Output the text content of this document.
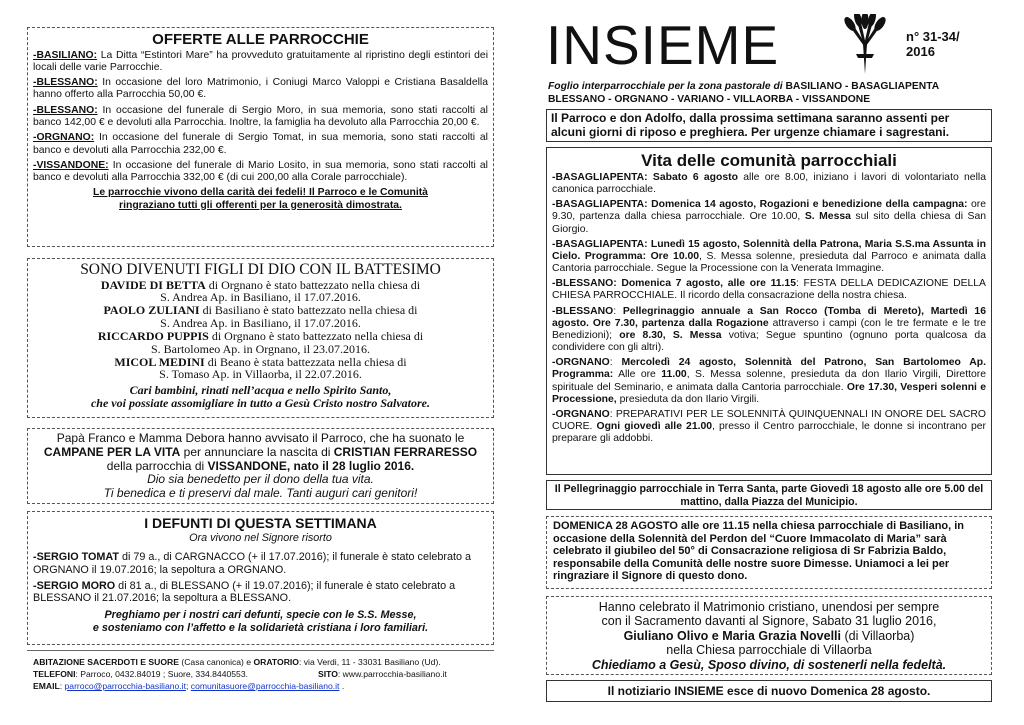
OFFERTE ALLE PARROCCHIE

-BASILIANO: La Ditta “Estintori Mare” ha provveduto gratuitamente al ripristino degli estintori dei locali delle varie Parrocchie.

-BLESSANO: In occasione del loro Matrimonio, i Coniugi Marco Valoppi e Cristiana Basaldella hanno offerto alla Parrocchia 50,00 €.

-BLESSANO: In occasione del funerale di Sergio Moro, in sua memoria, sono stati raccolti al banco 142,00 € e devoluti alla Parrocchia. Inoltre, la famiglia ha devoluto alla Parrocchia 20,00 €.

-ORGNANO: In occasione del funerale di Sergio Tomat, in sua memoria, sono stati raccolti al banco e devoluti alla Parrocchia 232,00 €.

-VISSANDONE: In occasione del funerale di Mario Losito, in sua memoria, sono stati raccolti al banco e devoluti alla Parrocchia 332,00 € (di cui 200,00 alla Corale parrocchiale).

Le parrocchie vivono della carità dei fedeli! Il Parroco e le Comunità
ringraziano tutti gli offerenti per la generosità dimostrata.
SONO DIVENUTI FIGLI DI DIO CON IL BATTESIMO
DAVIDE DI BETTA di Orgnano è stato battezzato nella chiesa di
S. Andrea Ap. in Basiliano, il 17.07.2016.
PAOLO ZULIANI di Basiliano è stato battezzato nella chiesa di
S. Andrea Ap. in Basiliano, il 17.07.2016.
RICCARDO PUPPIS di Orgnano è stato battezzato nella chiesa di
S. Bartolomeo Ap. in Orgnano, il 23.07.2016.
MICOL MEDINI di Beano è stata battezzata nella chiesa di
S. Tomaso Ap. in Villaorba, il 22.07.2016.
Cari bambini, rinati nell’acqua e nello Spirito Santo,
che voi possiate assomigliare in tutto a Gesù Cristo nostro Salvatore.
Papà Franco e Mamma Debora hanno avvisato il Parroco, che ha suonato le
CAMPANE PER LA VITA per annunciare la nascita di CRISTIAN FERRARESSO
della parrocchia di VISSANDONE, nato il 28 luglio 2016.
Dio sia benedetto per il dono della tua vita.
Ti benedica e ti preservi dal male. Tanti auguri cari genitori!
I DEFUNTI DI QUESTA SETTIMANA
Ora vivono nel Signore risorto

-SERGIO TOMAT di 79 a., di CARGNACCO (+ il 17.07.2016); il funerale è stato celebrato a ORGNANO il 19.07.2016; la sepoltura a ORGNANO.

-SERGIO MORO di 81 a., di BLESSANO (+ il 19.07.2016); il funerale è stato celebrato a BLESSANO il 21.07.2016; la sepoltura a BLESSANO.

Preghiamo per i nostri cari defunti, specie con le S.S. Messe,
e sosteniamo con l’affetto e la solidarietà cristiana i loro familiari.
ABITAZIONE SACERDOTI E SUORE (Casa canonica) e ORATORIO: via Verdi, 11 - 33031 Basiliano (Ud).
TELEFONI: Parroco, 0432.84019 ; Suore, 334.8440553.	SITO: www.parrocchia-basiliano.it
EMAIL: parroco@parrocchia-basiliano.it; comunitasuore@parrocchia-basiliano.it .
INSIEME	n° 31-34/
2016
Foglio interparrocchiale per la zona pastorale di BASILIANO - BASAGLIAPENTA
BLESSANO - ORGNANO - VARIANO - VILLAORBA - VISSANDONE
Il Parroco e don Adolfo, dalla prossima settimana saranno assenti per alcuni giorni di riposo e preghiera. Per urgenze chiamare i sagrestani.
Vita delle comunità parrocchiali

-BASAGLIAPENTA: Sabato 6 agosto alle ore 8.00, iniziano i lavori di volontariato nella canonica parrocchiale.

-BASAGLIAPENTA: Domenica 14 agosto, Rogazioni e benedizione della campagna: ore 9.30, partenza dalla chiesa parrocchiale. Ore 10.00, S. Messa sul sito della chiesa di San Giorgio.

-BASAGLIAPENTA: Lunedì 15 agosto, Solennità della Patrona, Maria S.S.ma Assunta in Cielo. Programma: Ore 10.00, S. Messa solenne, presieduta dal Parroco e animata dalla Cantoria parrocchiale. Segue la Processione con la Venerata Immagine.

-BLESSANO: Domenica 7 agosto, alle ore 11.15: FESTA DELLA DEDICAZIONE DELLA CHIESA PARROCCHIALE. Il ricordo della consacrazione della nostra chiesa.

-BLESSANO: Pellegrinaggio annuale a San Rocco (Tomba di Mereto), Martedì 16 agosto. Ore 7.30, partenza dalla Rogazione attraverso i campi (con le tre fermate e le tre Benedizioni); ore 8.30, S. Messa votiva; Segue spuntino (ognuno porta qualcosa da condividere con gli altri).

-ORGNANO: Mercoledì 24 agosto, Solennità del Patrono, San Bartolomeo Ap. Programma: Alle ore 11.00, S. Messa solenne, presieduta da don Ilario Virgili, Direttore spirituale del Seminario, e animata dalla Cantoria parrocchiale. Ore 17.30, Vesperi solenni e Processione, presieduta da don Ilario Virgili.

-ORGNANO: PREPARATIVI PER LE SOLENNITÀ QUINQUENNALI IN ONORE DEL SACRO CUORE. Ogni giovedì alle 21.00, presso il Centro parrocchiale, le donne si incontrano per preparare gli addobbi.

Il Pellegrinaggio parrocchiale in Terra Santa, parte Giovedì 18 agosto alle ore 5.00 del mattino, dalla Piazza del Municipio.
DOMENICA 28 AGOSTO alle ore 11.15 nella chiesa parrocchiale di Basiliano, in occasione della Solennità del Perdon del “Cuore Immacolato di Maria” sarà celebrato il giubileo del 50° di Consacrazione religiosa di Sr Fabrizia Baldo, responsabile della Comunità delle nostre suore Dimesse. Uniamoci a lei per ringraziare il Signore di questo dono.
Hanno celebrato il Matrimonio cristiano, unendosi per sempre
con il Sacramento davanti al Signore, Sabato 31 luglio 2016,
Giuliano Olivo e Maria Grazia Novelli (di Villaorba)
nella Chiesa parrocchiale di Villaorba
Chiediamo a Gesù, Sposo divino, di sostenerli nella fedeltà.
Il notiziario INSIEME esce di nuovo Domenica 28 agosto.
